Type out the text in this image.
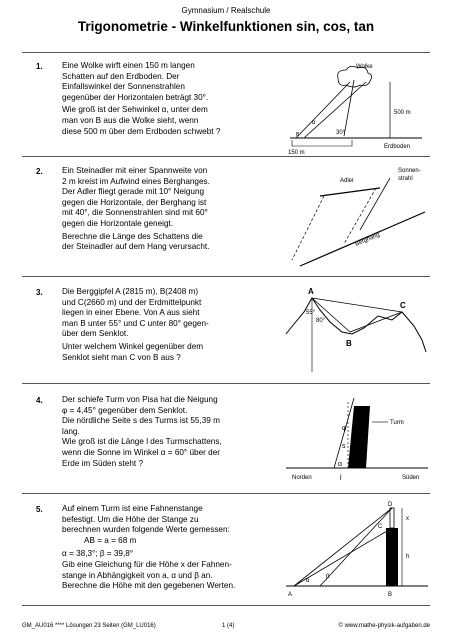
Gymnasium / Realschule
Trigonometrie - Winkelfunktionen sin, cos, tan
1. Eine Wolke wirft einen 150 m langen
Schatten auf den Erdboden. Der
Einfallswinkel der Sonnenstrahlen
gegenüber der Horizontalen beträgt 30°.
Wie groß ist der Sehwinkel α, unter dem
man von B aus die Wolke sieht, wenn
diese 500 m über dem Erdboden schwebt ?
Wolke
500 m
Erdboden
150 m
30°
α
B
2. Ein Steinadler mit einer Spannweite von
2 m kreist im Aufwind eines Berghanges.
Der Adler fliegt gerade mit 10° Neigung
gegen die Horizontale, der Berghang ist
mit 40°, die Sonnenstrahlen sind mit 60°
gegen die Horizontale geneigt.
Berechne die Länge des Schattens die
der Steinadler auf dem Hang verursacht.
Adler
Sonnen-
strahl
Berghang
3. Die Berggipfel A (2815 m), B(2408 m)
und C(2660 m) und der Erdmittelpunkt
liegen in einer Ebene. Von A aus sieht
man B unter 55° und C unter 80° gegen-
über dem Senklot.
Unter welchem Winkel gegenüber dem
Senklot sieht man C von B aus ?
A
B
C
55°
80°
4. Der schiefe Turm von Pisa hat die Neigung
φ = 4,45° gegenüber dem Senklot.
Die nördliche Seite s des Turms ist 55,39 m
lang.
Wie groß ist die Länge l des Turmschattens,
wenn die Sonne im Winkel α = 60° über der
Erde im Süden steht ?
Turm
Norden	Süden
φ
s
α
l
5. Auf einem Turm ist eine Fahnenstange
befestigt. Um die Höhe der Stange zu
berechnen wurden folgende Werte gemessen:
AB = a = 68 m
α = 38,3°; β = 39,8°
Gib eine Gleichung für die Höhe x der Fahnen-
stange in Abhängigkeit von a, α und β an.
Berechne die Höhe mit den gegebenen Werten.
D
C
x
h
α
β
A	B
GM_AU016 **** Lösungen 23 Seiten (GM_LU016)	1 (4)	© www.mathe-physik-aufgaben.de
